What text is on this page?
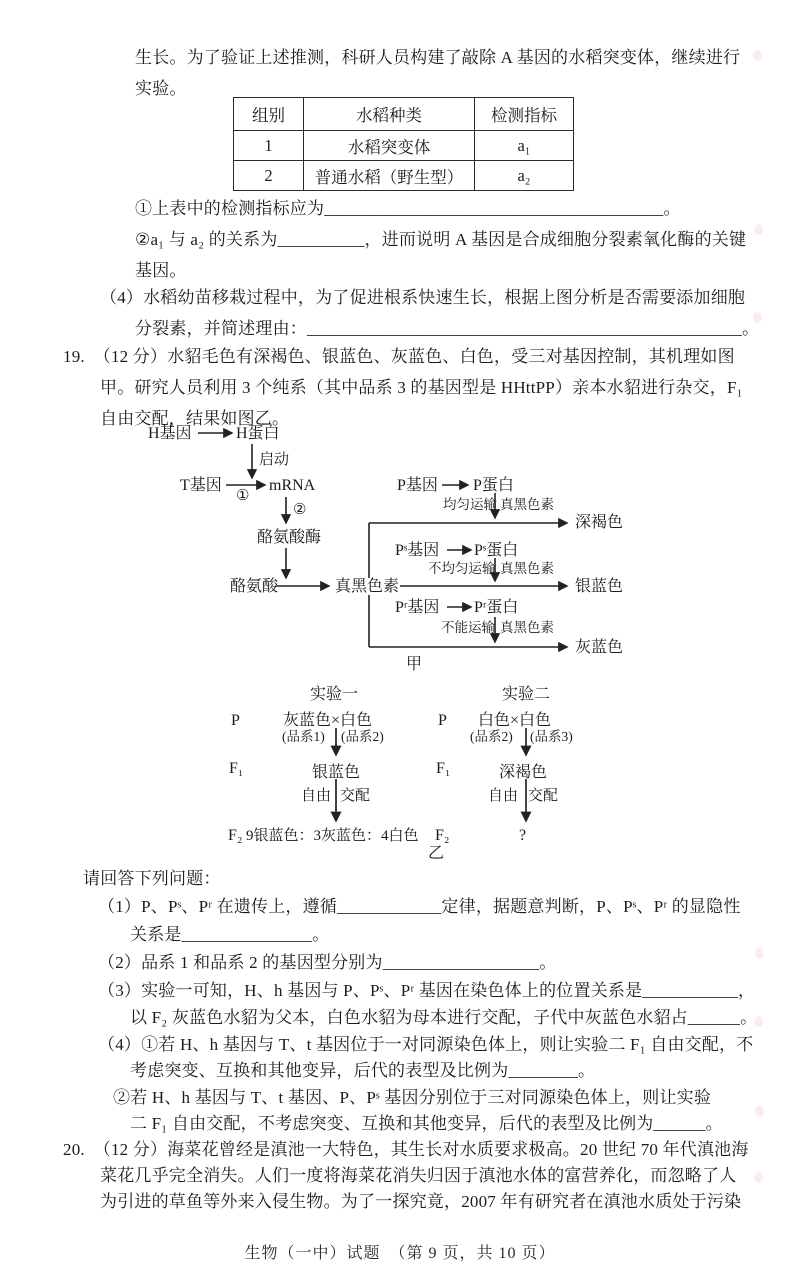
生长。为了验证上述推测，科研人员构建了敲除 A 基因的水稻突变体，继续进行
实验。
组别	水稻种类	检测指标
1	水稻突变体	a₁
2	普通水稻（野生型）	a₂
①上表中的检测指标应为_______________________________________。
②a₁ 与 a₂ 的关系为__________，进而说明 A 基因是合成细胞分裂素氧化酶的关键
基因。
（4）水稻幼苗移栽过程中，为了促进根系快速生长，根据上图分析是否需要添加细胞
分裂素，并简述理由：__________________________________________________。
19.  （12 分）水貂毛色有深褐色、银蓝色、灰蓝色、白色，受三对基因控制，其机理如图
甲。研究人员利用 3 个纯系（其中品系 3 的基因型是 HHttPP）亲本水貂进行杂交，F₁
自由交配，结果如图乙。
H基因	H蛋白
启动
T基因
①
mRNA
②
酪氨酸酶
酪氨酸	真黑色素
P基因 P蛋白
均匀运输 真黑色素
Pˢ基因 Pˢ蛋白
不均匀运输 真黑色素
Pʳ基因 Pʳ蛋白
不能运输 真黑色素
深褐色
银蓝色
灰蓝色
甲
实验一
P	灰蓝色×白色
(品系1) (品系2)
F₁	银蓝色
自由 交配
F₂ 9银蓝色：3灰蓝色：4白色
实验二
P 白色×白色
(品系2) (品系3)
F₁	深褐色
自由 交配
F₂	?
乙
请回答下列问题：
（1）P、Pˢ、Pʳ 在遗传上，遵循____________定律，据题意判断，P、Pˢ、Pʳ 的显隐性
关系是_______________。
（2）品系 1 和品系 2 的基因型分别为__________________。
（3）实验一可知，H、h 基因与 P、Pˢ、Pʳ 基因在染色体上的位置关系是___________，
以 F₂ 灰蓝色水貂为父本，白色水貂为母本进行交配，子代中灰蓝色水貂占______。
（4）①若 H、h 基因与 T、t 基因位于一对同源染色体上，则让实验二 F₁ 自由交配，不
考虑突变、互换和其他变异，后代的表型及比例为________。
②若 H、h 基因与 T、t 基因、P、Pˢ 基因分别位于三对同源染色体上，则让实验
二 F₁ 自由交配，不考虑突变、互换和其他变异，后代的表型及比例为______。
20.  （12 分）海菜花曾经是滇池一大特色，其生长对水质要求极高。20 世纪 70 年代滇池海
菜花几乎完全消失。人们一度将海菜花消失归因于滇池水体的富营养化，而忽略了人
为引进的草鱼等外来入侵生物。为了一探究竟，2007 年有研究者在滇池水质处于污染
生物（一中）试题　（第 9 页，共 10 页）
